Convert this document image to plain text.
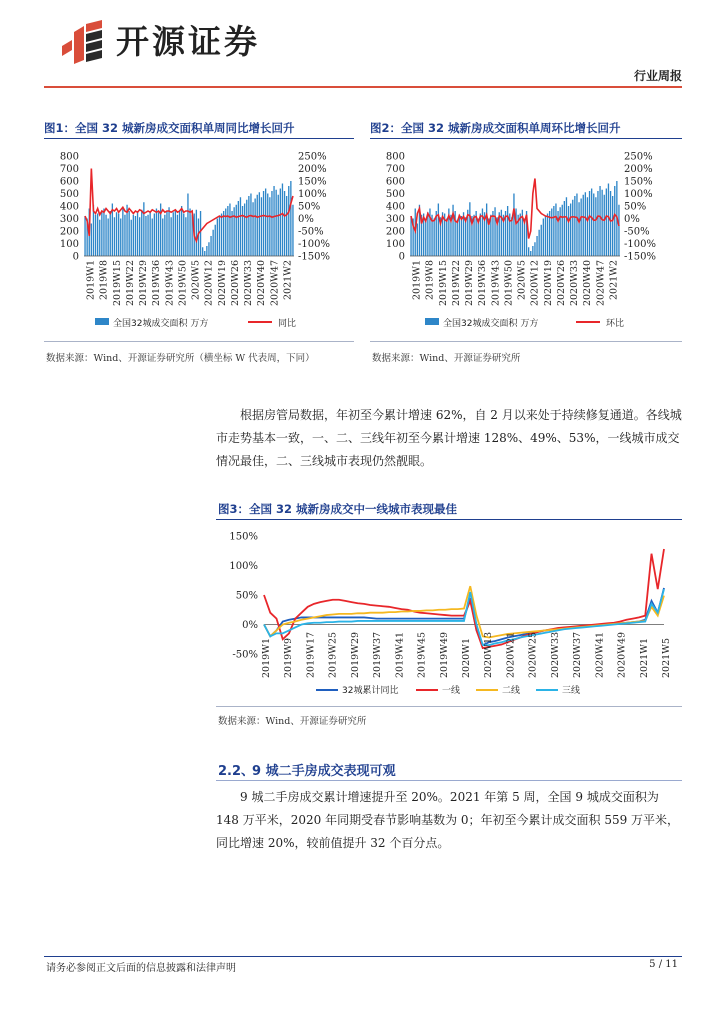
开源证券
行业周报
图1：全国 32 城新房成交面积单周同比增长回升
0
100
200
300
400
500
600
700
800
-150%
-100%
-50%
0%
50%
100%
150%
200%
250%
2019W1 2019W8 2019W15 2019W22 2019W29 2019W36 2019W43 2019W50 2020W5 2020W12 2020W19 2020W26 2020W33 2020W40 2020W47 2021W2
全国32城成交面积 万方	同比
数据来源：Wind、开源证券研究所（横坐标 W 代表周，下同）
图2：全国 32 城新房成交面积单周环比增长回升
0
100
200
300
400
500
600
700
800
-150%
-100%
-50%
0%
50%
100%
150%
200%
250%
2019W1 2019W8 2019W15 2019W22 2019W29 2019W36 2019W43 2019W50 2020W5 2020W12 2020W19 2020W26 2020W33 2020W40 2020W47 2021W2
全国32城成交面积 万方	环比
数据来源：Wind、开源证券研究所
根据房管局数据，年初至今累计增速 62%，自 2 月以来处于持续修复通道。各线城市走势基本一致，一、二、三线年初至今累计增速 128%、49%、53%，一线城市成交情况最佳，二、三线城市表现仍然靓眼。
图3：全国 32 城新房成交中一线城市表现最佳
-50%
0%
50%
100%
150%
2019W1 2019W9 2019W17 2019W25 2019W29 2019W37 2019W41 2019W45 2019W49 2020W1 2020W13 2020W21 2020W25 2020W33 2020W37 2020W41 2020W49 2021W1 2021W5
32城累计同比	一线	二线	三线
数据来源：Wind、开源证券研究所
2.2、
9 城二手房成交表现可观
9 城二手房成交累计增速提升至 20%。2021 年第 5 周，全国 9 城成交面积为 148 万平米，2020 年同期受春节影响基数为 0；年初至今累计成交面积 559 万平米，同比增速 20%，较前值提升 32 个百分点。
请务必参阅正文后面的信息披露和法律声明	5 / 11
